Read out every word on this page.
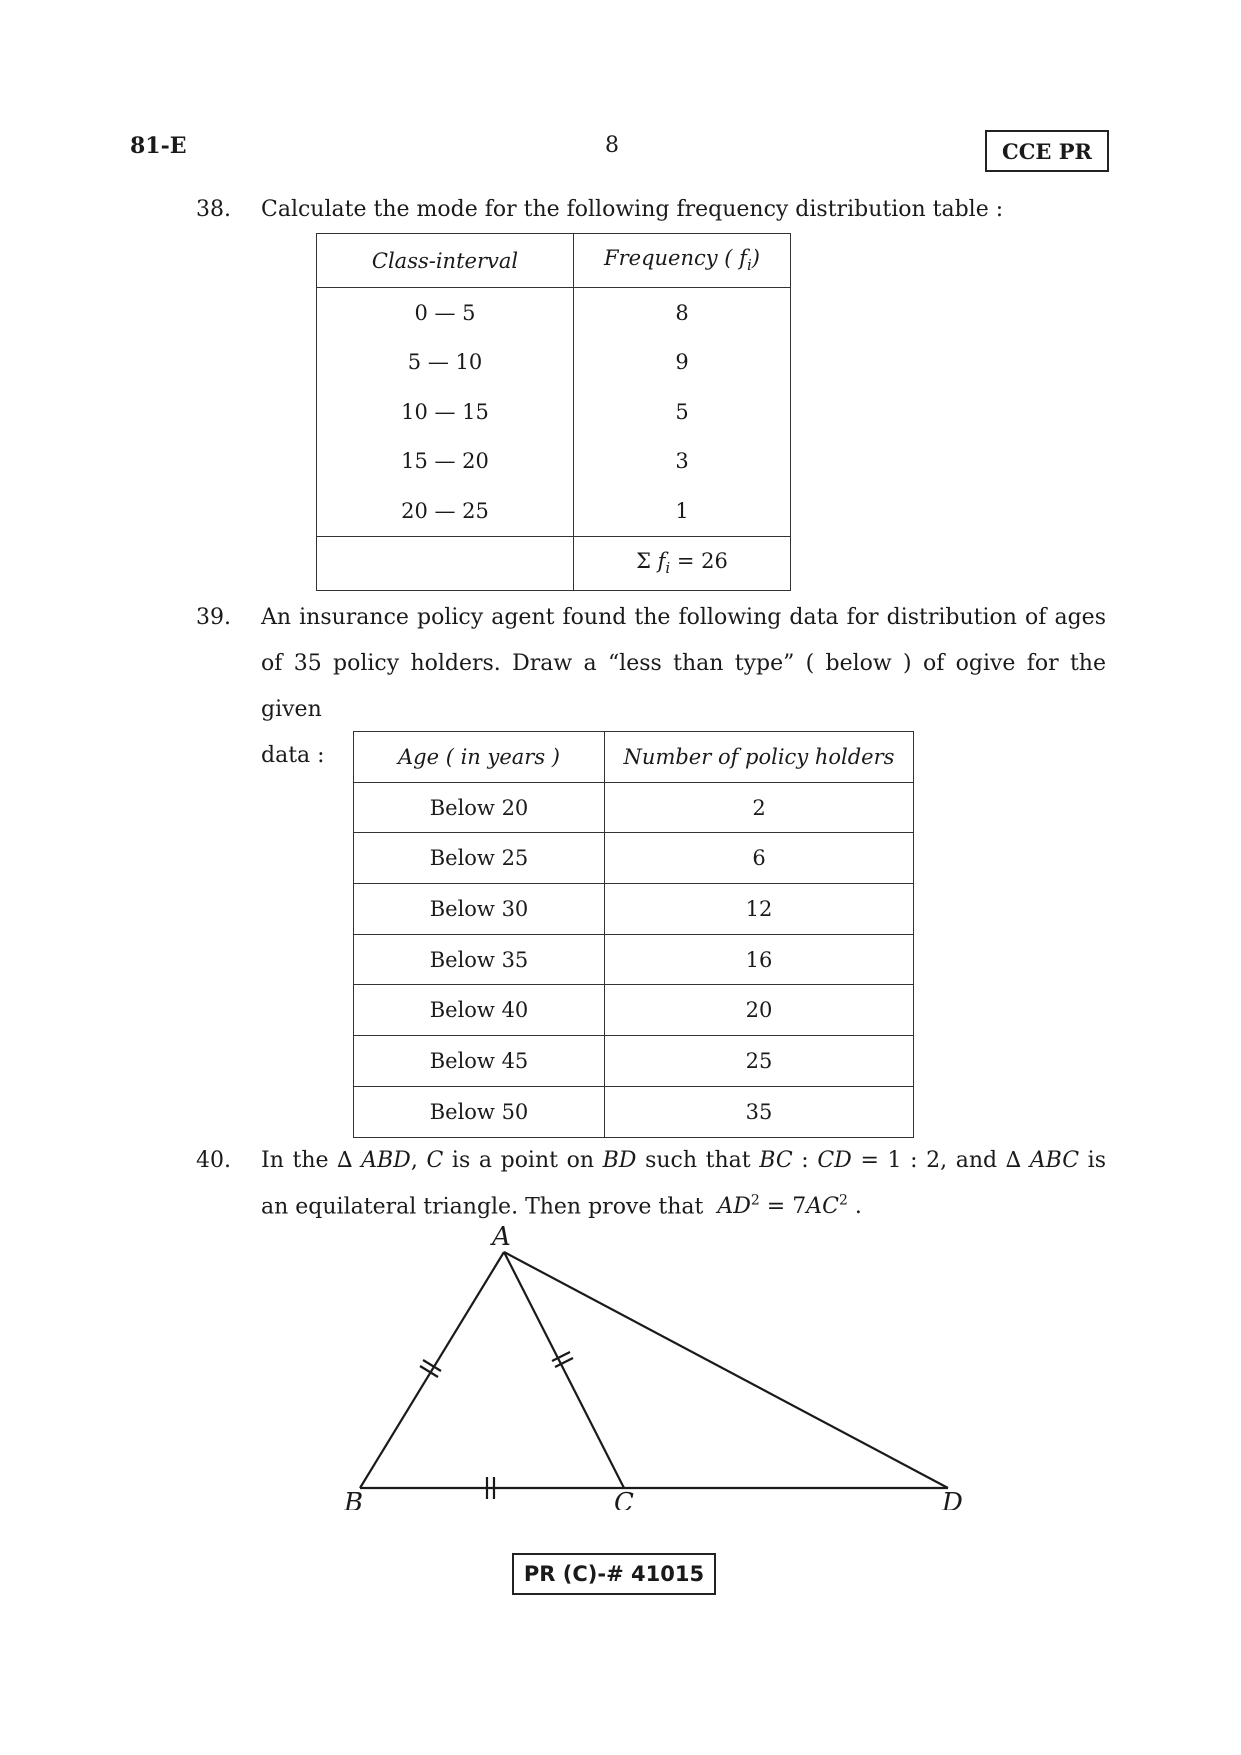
81-E	8	CCE PR
38. Calculate the mode for the following frequency distribution table :
Class-interval	Frequency ( $f_i$)
0 — 5	8
5 — 10	9
10 — 15	5
15 — 20	3
20 — 25	1
	Σ $f_i = 26$
39. An insurance policy agent found the following data for distribution of ages
of 35 policy holders. Draw a “less than type” ( below ) of ogive for the given
data :	Age ( in years )	Number of policy holders
Below 20	2
Below 25	6
Below 30	12
Below 35	16
Below 40	20
Below 45	25
Below 50	35
40. In the ∆ ABD, C is a point on BD such that BC : CD = 1 : 2, and ∆ ABC is
an equilateral triangle. Then prove that $AD^2 = 7AC^2$ .
A
B	C	D
PR (C)-# 41015
